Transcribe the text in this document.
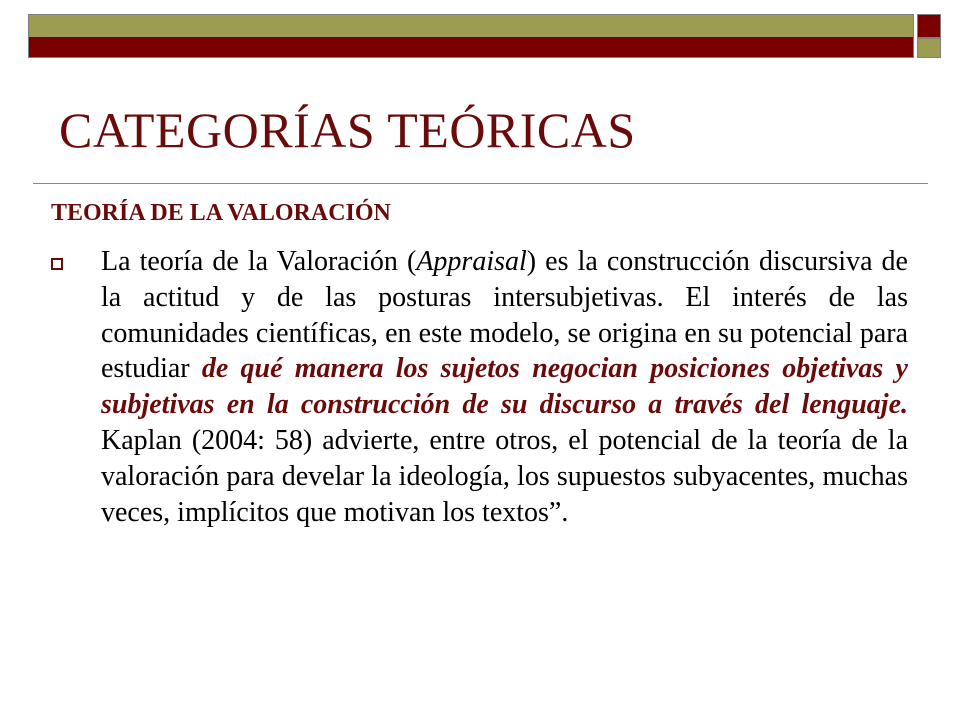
CATEGORÍAS TEÓRICAS
TEORÍA DE LA VALORACIÓN

La teoría de la Valoración (Appraisal) es la construcción discursiva de la actitud y de las posturas intersubjetivas. El interés de las comunidades científicas, en este modelo, se origina en su potencial para estudiar de qué manera los sujetos negocian posiciones objetivas y subjetivas en la construcción de su discurso a través del lenguaje. Kaplan (2004: 58) advierte, entre otros, el potencial de la teoría de la valoración para develar la ideología, los supuestos subyacentes, muchas veces, implícitos que motivan los textos”.
